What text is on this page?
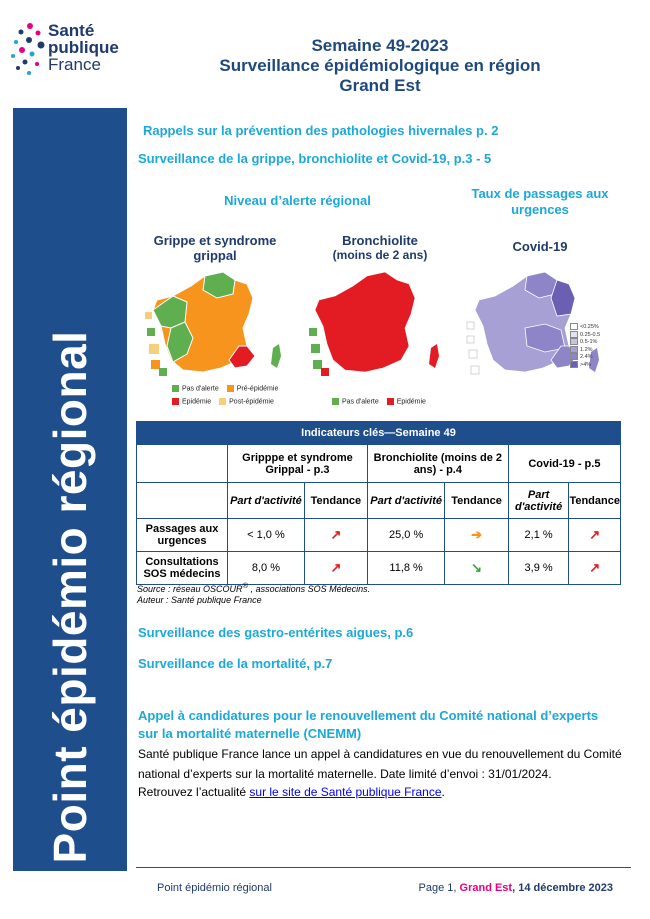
Santé
publique
France
Semaine 49-2023
Surveillance épidémiologique en région
Grand Est
Point épidémio régional
Rappels sur la prévention des pathologies hivernales p. 2
Surveillance de la grippe, bronchiolite et Covid-19, p.3 - 5
Niveau d’alerte régional	Taux de passages aux urgences
Grippe et syndrome grippal
Bronchiolite
(moins de 2 ans)
Covid-19
Pas d'alerte	Pré-épidémie
Epidémie	Post-épidémie	Pas d'alerte	Epidémie
<0.25%
0.25-0.5
0.5-1%
1.2%
2.4%
>4%
Indicateurs clés—Semaine 49						
	Gripppe et syndrome Grippal - p.3		Bronchiolite (moins de 2 ans) - p.4		Covid-19 - p.5	
	Part d'activité	Tendance	Part d'activité	Tendance	Part d'activité	Tendance
Passages aux urgences	< 1,0 %	↗	25,0 %	➔	2,1 %	↗
Consultations SOS médecins	8,0 %	↗	11,8 %	↘	3,9 %	↗
Source : réseau OSCOUR® , associations SOS Médecins.
Auteur : Santé publique France
Surveillance des gastro-entérites aigues, p.6
Surveillance de la mortalité, p.7
Appel à candidatures pour le renouvellement du Comité national d’experts sur la mortalité maternelle (CNEMM)
Santé publique France lance un appel à candidatures en vue du renouvellement du Comité national d’experts sur la mortalité maternelle. Date limité d’envoi : 31/01/2024.
Retrouvez l’actualité sur le site de Santé publique France.
Point épidémio régional	Page 1, Grand Est, 14 décembre 2023
